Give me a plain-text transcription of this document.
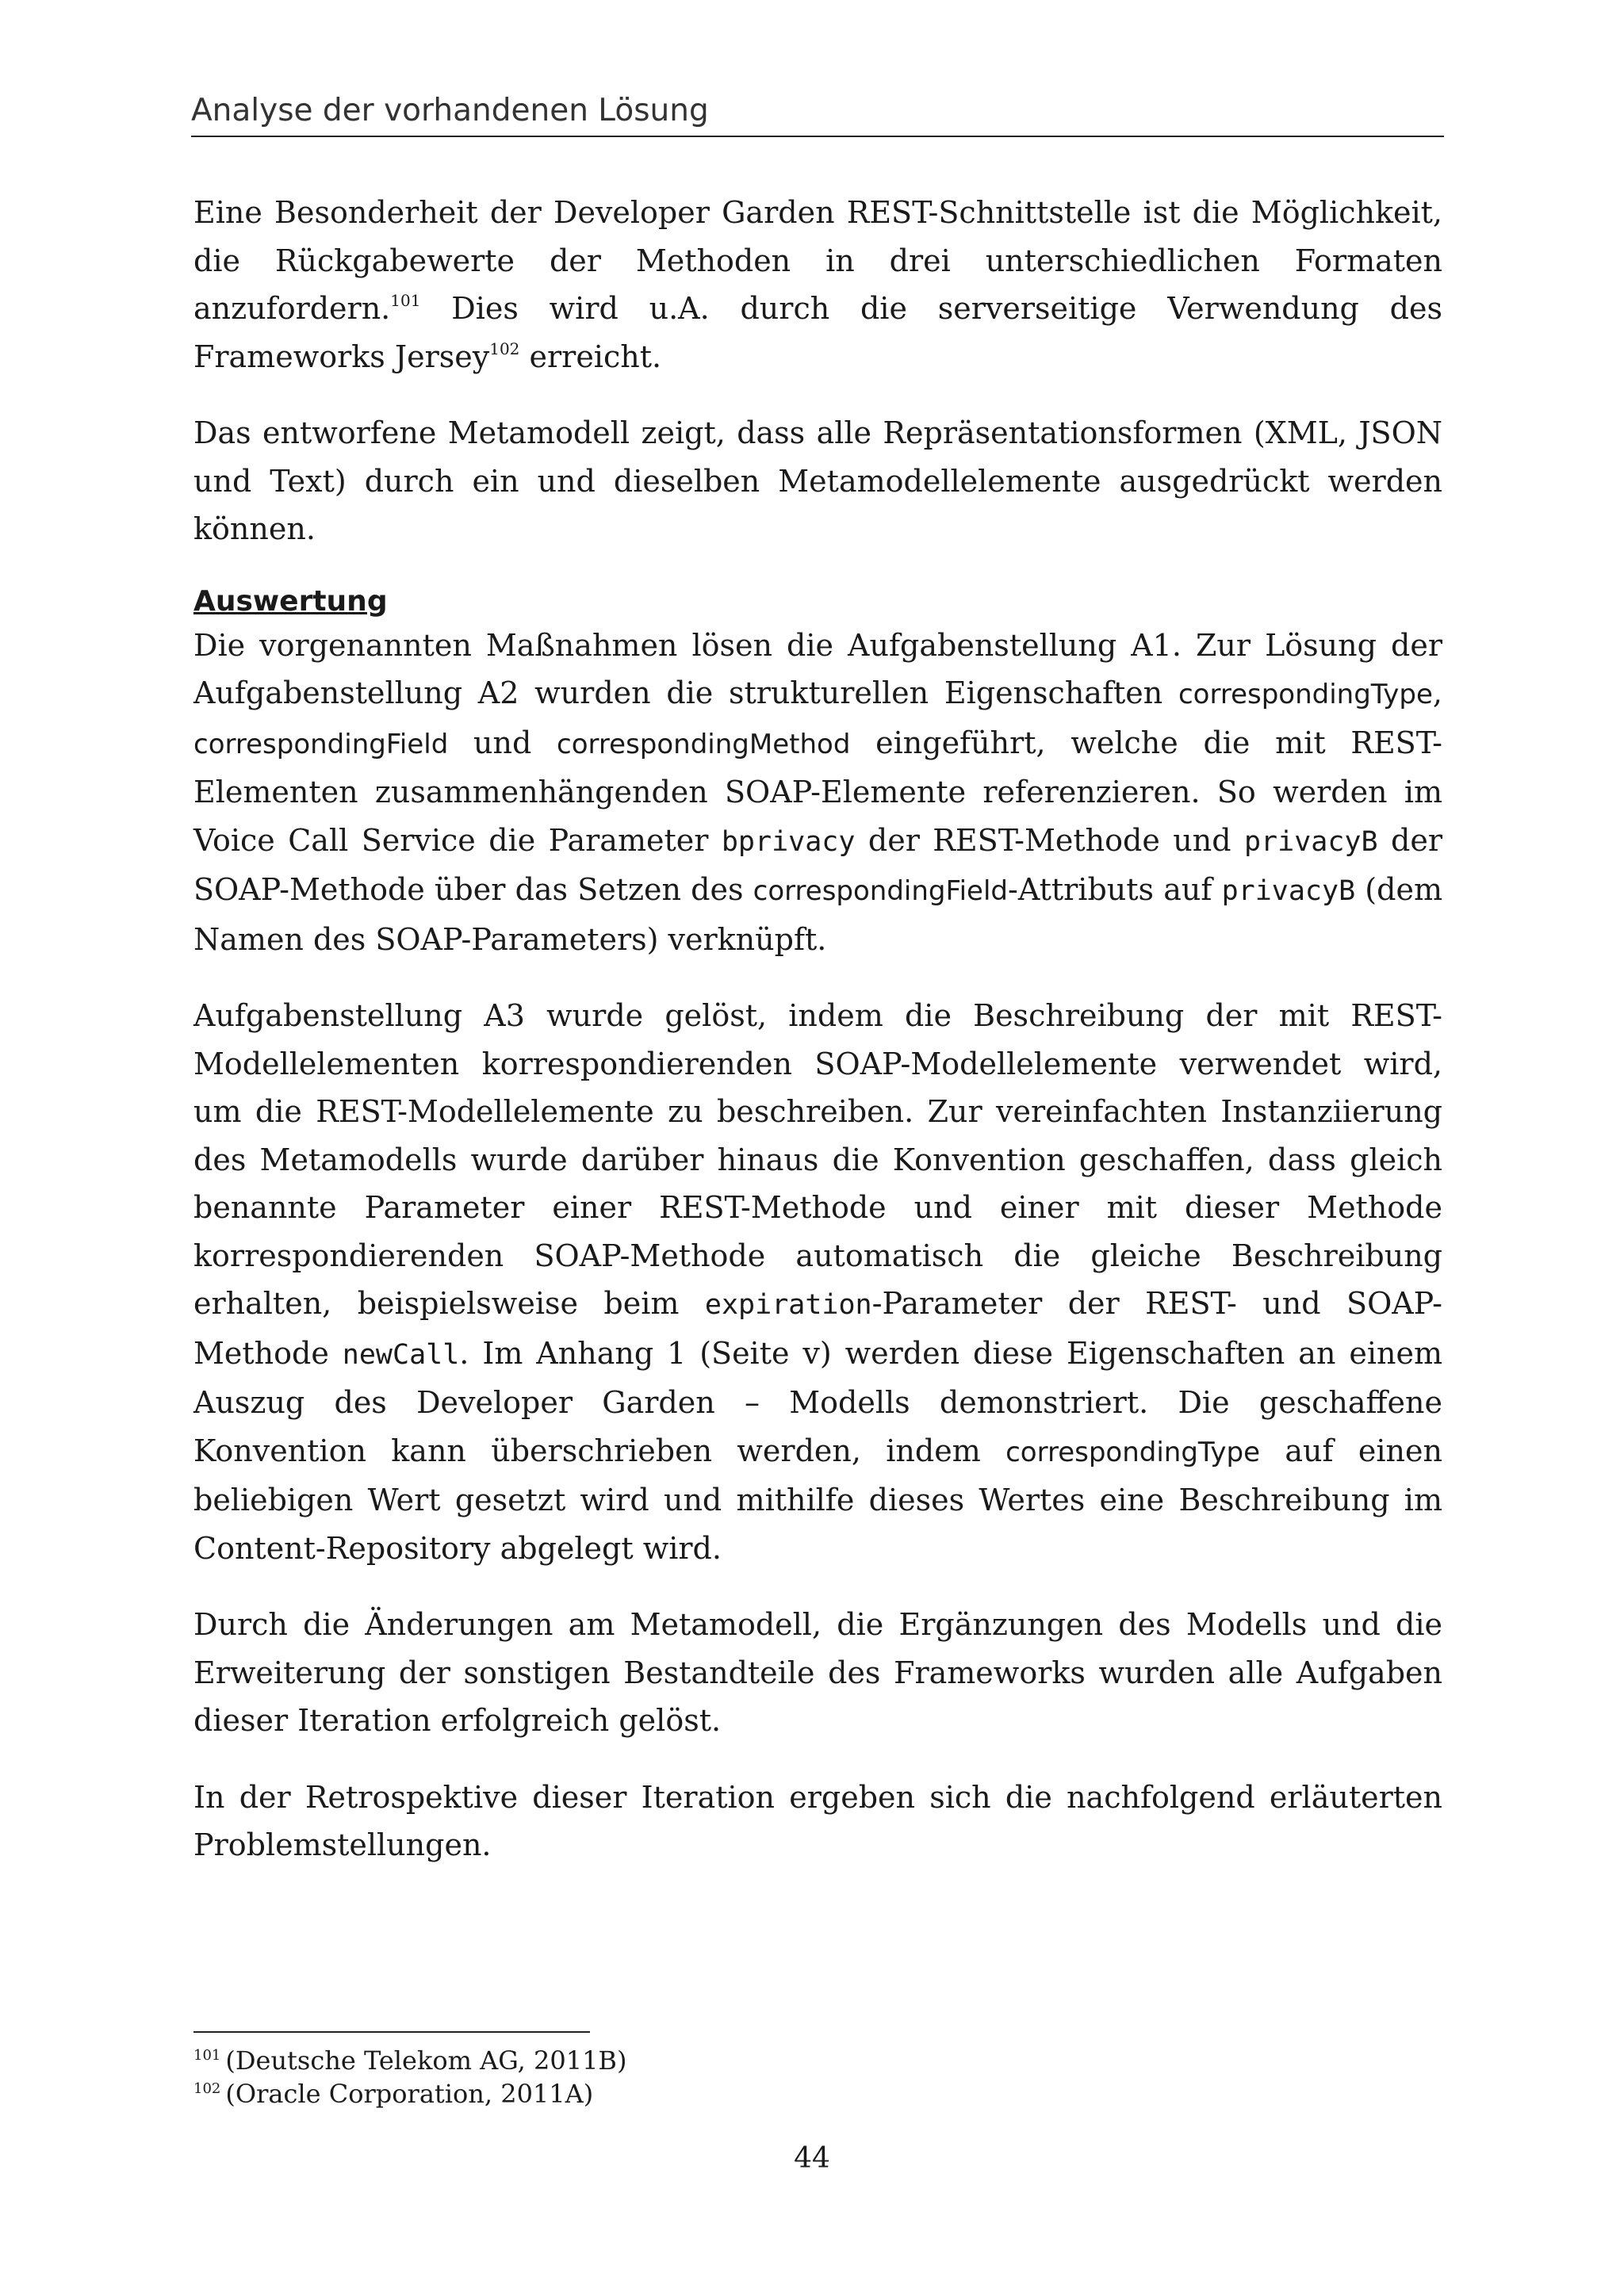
Analyse der vorhandenen Lösung

Eine Besonderheit der Developer Garden REST-Schnittstelle ist die Möglichkeit, die Rückgabewerte der Methoden in drei unterschiedlichen Formaten anzufordern.$^{101}$ Dies wird u.A. durch die serverseitige Verwendung des Frameworks Jersey$^{102}$ erreicht.

Das entworfene Metamodell zeigt, dass alle Repräsentationsformen (XML, JSON und Text) durch ein und dieselben Metamodellelemente ausgedrückt werden können.

Auswertung

Die vorgenannten Maßnahmen lösen die Aufgabenstellung A1. Zur Lösung der Aufgabenstellung A2 wurden die strukturellen Eigenschaften correspondingType, correspondingField und correspondingMethod eingeführt, welche die mit REST-Elementen zusammenhängenden SOAP-Elemente referenzieren. So werden im Voice Call Service die Parameter bprivacy der REST-Methode und privacyB der SOAP-Methode über das Setzen des correspondingField-Attributs auf privacyB (dem Namen des SOAP-Parameters) verknüpft.

Aufgabenstellung A3 wurde gelöst, indem die Beschreibung der mit REST-Modellelementen korrespondierenden SOAP-Modellelemente verwendet wird, um die REST-Modellelemente zu beschreiben. Zur vereinfachten Instanziierung des Metamodells wurde darüber hinaus die Konvention geschaffen, dass gleich benannte Parameter einer REST-Methode und einer mit dieser Methode korrespondierenden SOAP-Methode automatisch die gleiche Beschreibung erhalten, beispielsweise beim expiration-Parameter der REST- und SOAP-Methode newCall. Im Anhang 1 (Seite v) werden diese Eigenschaften an einem Auszug des Developer Garden – Modells demonstriert. Die geschaffene Konvention kann überschrieben werden, indem correspondingType auf einen beliebigen Wert gesetzt wird und mithilfe dieses Wertes eine Beschreibung im Content-Repository abgelegt wird.

Durch die Änderungen am Metamodell, die Ergänzungen des Modells und die Erweiterung der sonstigen Bestandteile des Frameworks wurden alle Aufgaben dieser Iteration erfolgreich gelöst.

In der Retrospektive dieser Iteration ergeben sich die nachfolgend erläuterten Problemstellungen.

$^{101}$ (Deutsche Telekom AG, 2011B)
$^{102}$ (Oracle Corporation, 2011A)
44
